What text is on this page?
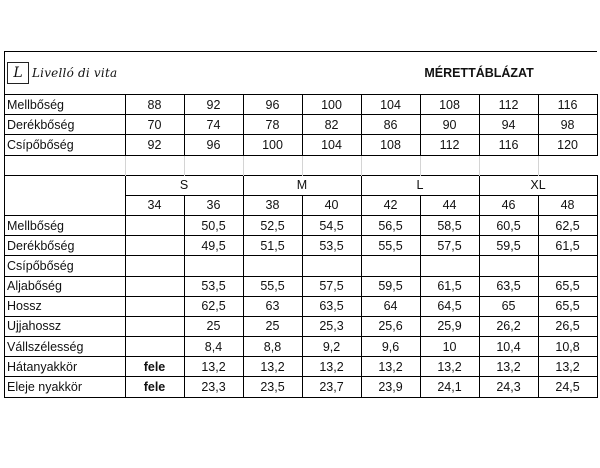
L Livelló di vita					MÉRETTÁBLÁZAT			
Mellbőség	88	92	96	100	104	108	112	116
Derékbőség	70	74	78	82	86	90	94	98
Csípőbőség	92	96	100	104	108	112	116	120

	S		M		L		XL	
	34	36	38	40	42	44	46	48
Mellbőség		50,5	52,5	54,5	56,5	58,5	60,5	62,5
Derékbőség		49,5	51,5	53,5	55,5	57,5	59,5	61,5
Csípőbőség								
Aljabőség		53,5	55,5	57,5	59,5	61,5	63,5	65,5
Hossz		62,5	63	63,5	64	64,5	65	65,5
Ujjahossz		25	25	25,3	25,6	25,9	26,2	26,5
Vállszélesség		8,4	8,8	9,2	9,6	10	10,4	10,8
Hátanyakkör	fele	13,2	13,2	13,2	13,2	13,2	13,2	13,2
Eleje nyakkör	fele	23,3	23,5	23,7	23,9	24,1	24,3	24,5
